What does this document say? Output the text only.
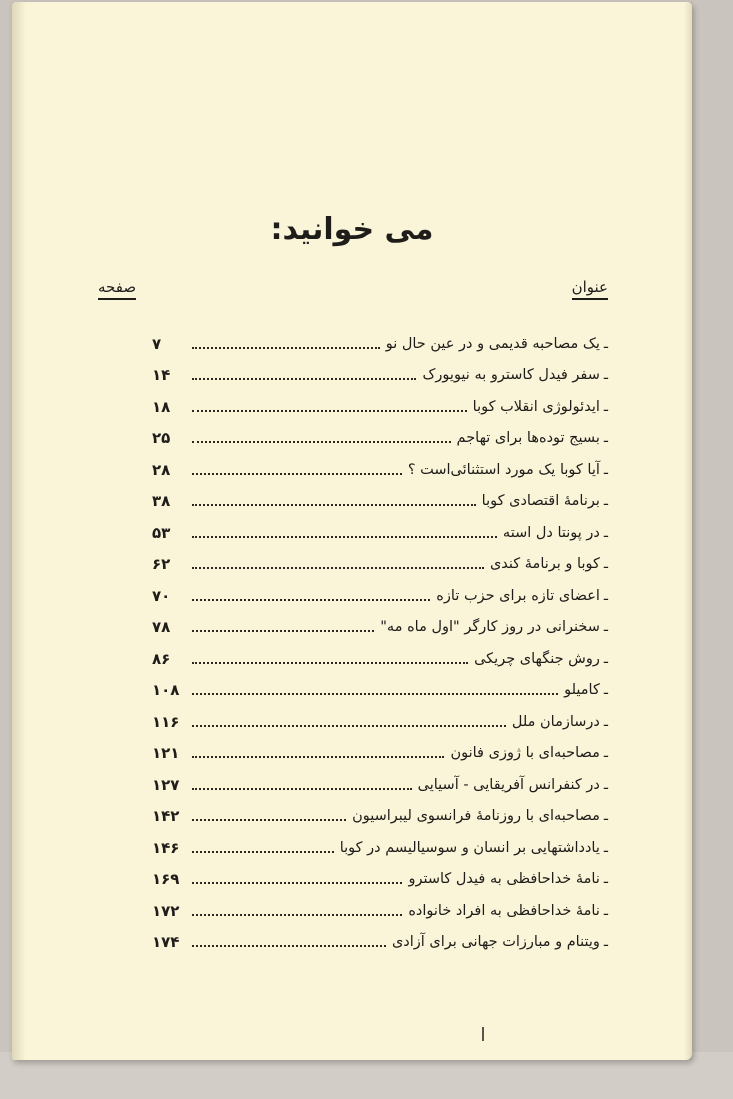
می خوانید:
عنوان
صفحه
ـ
یک مصاحبه قدیمی و در عین حال نو
۷
ـ
سفر فیدل کاسترو به نیویورک
۱۴
ـ
ایدئولوژی انقلاب کوبا
۱۸
ـ
بسیج توده‌ها برای تهاجم
۲۵
ـ
آیا کوبا یک مورد استثنائی‌است ؟
۲۸
ـ
برنامهٔ اقتصادی کوبا
۳۸
ـ
در پونتا دل استه
۵۳
ـ
کوبا و برنامهٔ کندی
۶۲
ـ
اعضای تازه برای حزب تازه
۷۰
ـ
سخنرانی در روز کارگر "اول ماه مه"
۷۸
ـ
روش جنگهای چریکی
۸۶
ـ
کامیلو
۱۰۸
ـ
درسازمان ملل
۱۱۶
ـ
مصاحبه‌ای با ژوزی فانون
۱۲۱
ـ
در کنفرانس آفریقایی - آسیایی
۱۲۷
ـ
مصاحبه‌ای با روزنامهٔ فرانسوی لیبراسیون
۱۴۲
ـ
یادداشتهایی بر انسان و سوسیالیسم در کوبا
۱۴۶
ـ
نامهٔ خداحافظی به فیدل کاسترو
۱۶۹
ـ
نامهٔ خداحافظی به افراد خانواده
۱۷۲
ـ
ویتنام و مبارزات جهانی برای آزادی
۱۷۴
